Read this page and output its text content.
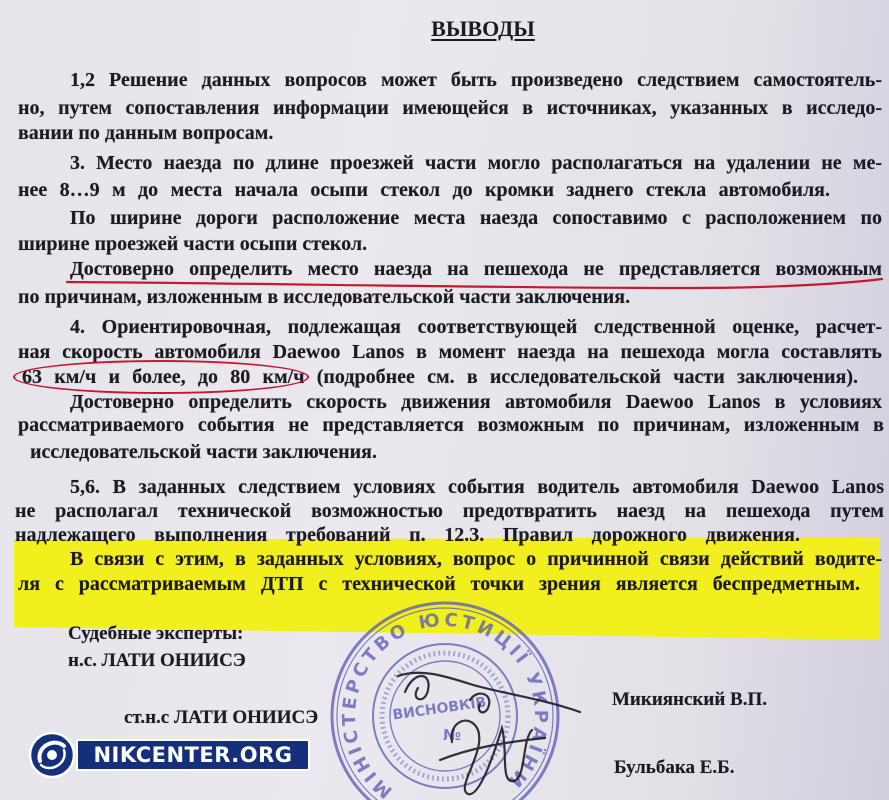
ВЫВОДЫ
1,2 Решение данных вопросов может быть произведено следствием самостоятель-
но, путем сопоставления информации имеющейся в источниках, указанных в исследо-
вании по данным вопросам.
3. Место наезда по длине проезжей части могло располагаться на удалении не ме-
нее 8…9 м до места начала осыпи стекол до кромки заднего стекла автомобиля.
По ширине дороги расположение места наезда сопоставимо с расположением по
ширине проезжей части осыпи стекол.
Достоверно определить место наезда на пешехода не представляется возможным
по причинам, изложенным в исследовательской части заключения.
4. Ориентировочная, подлежащая соответствующей следственной оценке, расчет-
ная скорость автомобиля Daewoo Lanos в момент наезда на пешехода могла составлять
63 км/ч и более, до 80 км/ч (подробнее см. в исследовательской части заключения).
Достоверно определить скорость движения автомобиля Daewoo Lanos в условиях
рассматриваемого события не представляется возможным по причинам, изложенным в
исследовательской части заключения.
5,6. В заданных следствием условиях события водитель автомобиля Daewoo Lanos
не располагал технической возможностью предотвратить наезд на пешехода путем
надлежащего выполнения требований п. 12.3. Правил дорожного движения.
В связи с этим, в заданных условиях, вопрос о причинной связи действий водите-
ля с рассматриваемым ДТП с технической точки зрения является беспредметным.
Судебные эксперты:
н.с. ЛАТИ ОНИИСЭ
ст.н.с ЛАТИ ОНИИСЭ
Микиянский В.П.
Бульбака Е.Б.
МІНІСТЕРСТВО ЮСТИЦІЇ УКРАЇНИ
ВИСНОВКІВ
№
NIKCENTER.ORG
